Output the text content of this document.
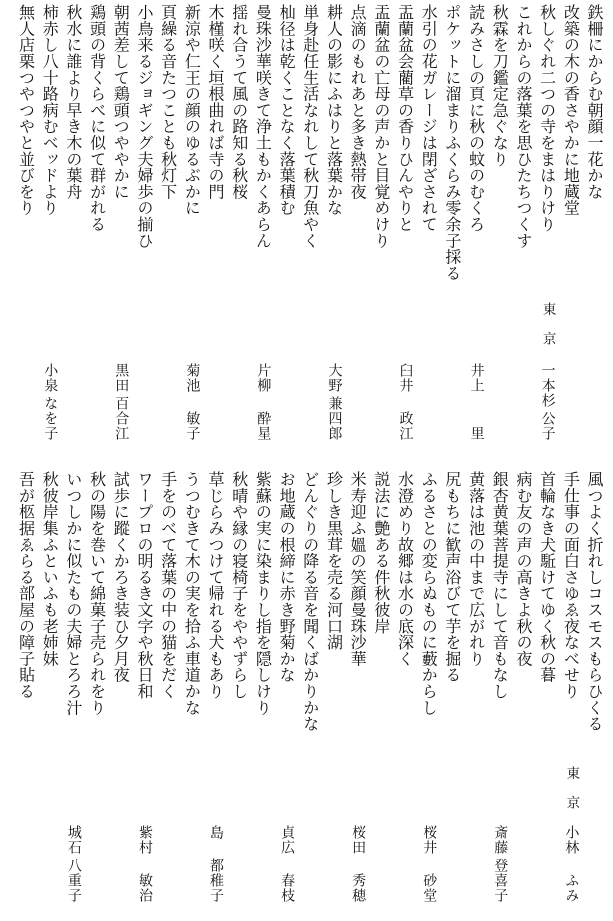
鉄柵にからむ朝顔一花かな
改築の木の香さやかに地蔵堂
秋しぐれ二つの寺をまはりけり
東京
一本杉
公子
これからの落葉を思ひたちつくす
秋霖を刀鑑定急ぐなり
読みさしの頁に秋の蚊のむくろ
井上
里
ポケットに溜まりふくらみ零余子採る
水引の花ガレージは閉ざされて
盂蘭盆会藺草の香りひんやりと
臼井
政江
盂蘭盆の亡母の声かと目覚めけり
点滴のもれあと多き熱帯夜
耕人の影にふはりと落葉かな
大野
兼四郎
単身赴任生活なれして秋刀魚やく
杣径は乾くことなく落葉積む
曼珠沙華咲きて浄土もかくあらん
片柳
酔星
揺れ合うて風の路知る秋桜
木槿咲く垣根曲れば寺の門
新涼や仁王の顔のゆるぶかに
菊池
敏子
頁繰る音たつことも秋灯下
小鳥来るジョギング夫婦歩の揃ひ
朝茜差して鶏頭つややかに
黒田
百合江
鶏頭の背くらべに似て群がれる
秋水に誰より早き木の葉舟
柿赤し八十路病むベッドより
小泉
なを子
無人店栗つやつやと並びをり
風つよく折れしコスモスもらひくる
手仕事の面白さゆゑ夜なべせり
東京
小林
ふみ
首輪なき犬駈けてゆく秋の暮
病む友の声の高きよ秋の夜
銀杏黄葉菩提寺にして音もなし
斎藤
登喜子
黄落は池の中まで広がれり
尻もちに歓声浴びて芋を掘る
ふるさとの変らぬものに藪からし
桜井
砂堂
水澄めり故郷は水の底深く
説法に艶ある件秋彼岸
米寿迎ふ媼の笑顔曼珠沙華
桜田
秀穂
珍しき黒茸を売る河口湖
どんぐりの降る音を聞くばかりかな
お地蔵の根締に赤き野菊かな
貞広
春枝
紫蘇の実に染まりし指を隠しけり
秋晴や縁の寝椅子をややずらし
草じらみつけて帰れる犬もあり
島
都稚子
うつむきて木の実を拾ふ車道かな
手をのべて落葉の中の猫をだく
ワープロの明るき文字や秋日和
紫村
敏治
試歩に蹤くかろき装ひ夕月夜
秋の陽を巻いて綿菓子売られをり
いつしかに似たもの夫婦とろろ汁
城石
八重子
秋彼岸集ふといふも老姉妹
吾が柩据ゑらる部屋の障子貼る
